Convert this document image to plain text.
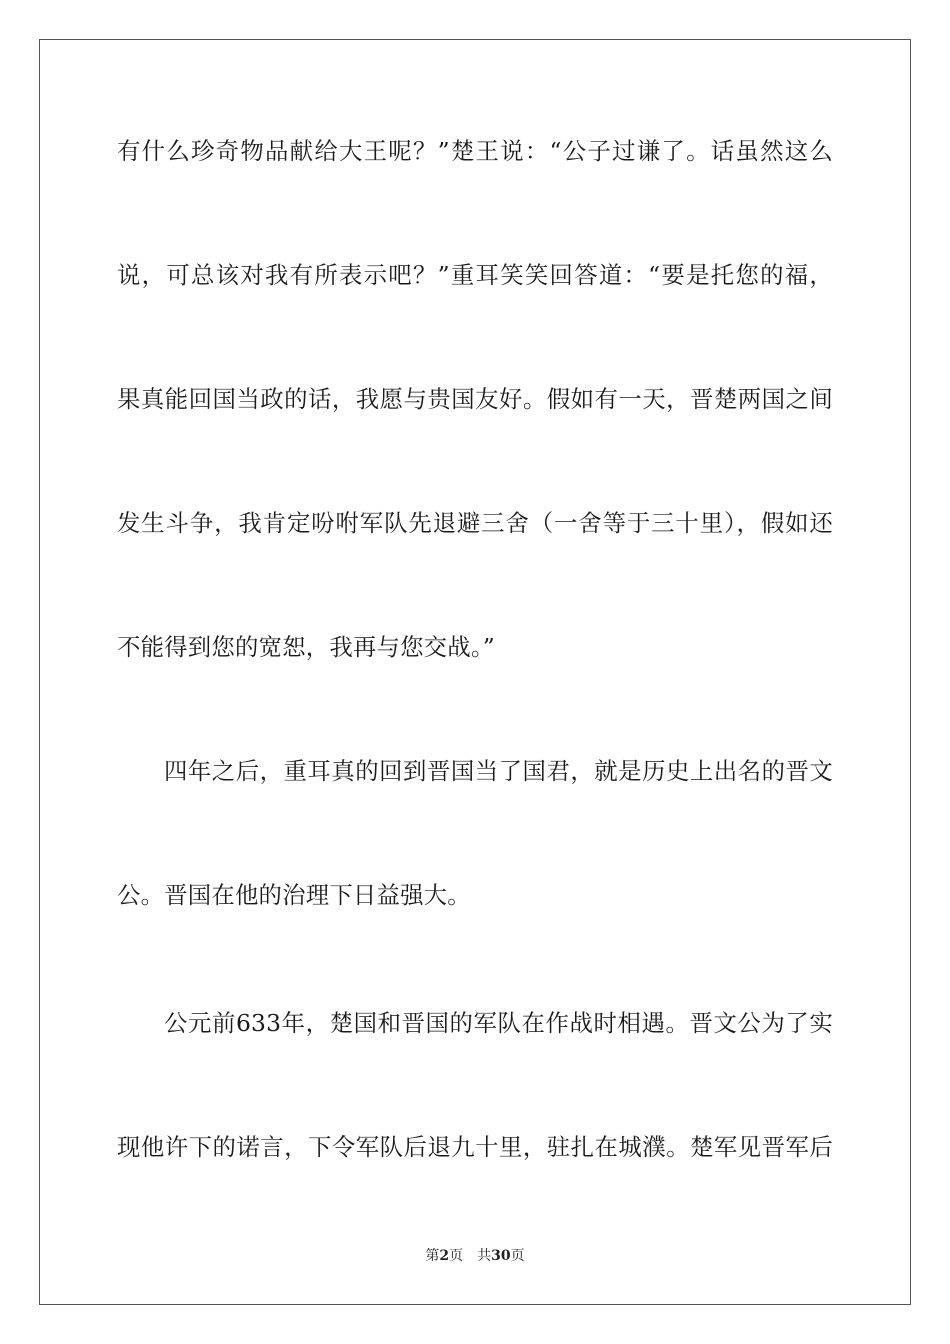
有什么珍奇物品献给大王呢？”楚王说：“公子过谦了。话虽然这么
说，可总该对我有所表示吧？”重耳笑笑回答道：“要是托您的福，
果真能回国当政的话，我愿与贵国友好。假如有一天，晋楚两国之间
发生斗争，我肯定吩咐军队先退避三舍（一舍等于三十里），假如还
不能得到您的宽恕，我再与您交战。”
四年之后，重耳真的回到晋国当了国君，就是历史上出名的晋文
公。晋国在他的治理下日益强大。
公元前633年，楚国和晋国的军队在作战时相遇。晋文公为了实
现他许下的诺言，下令军队后退九十里，驻扎在城濮。楚军见晋军后
第2页 共30页
